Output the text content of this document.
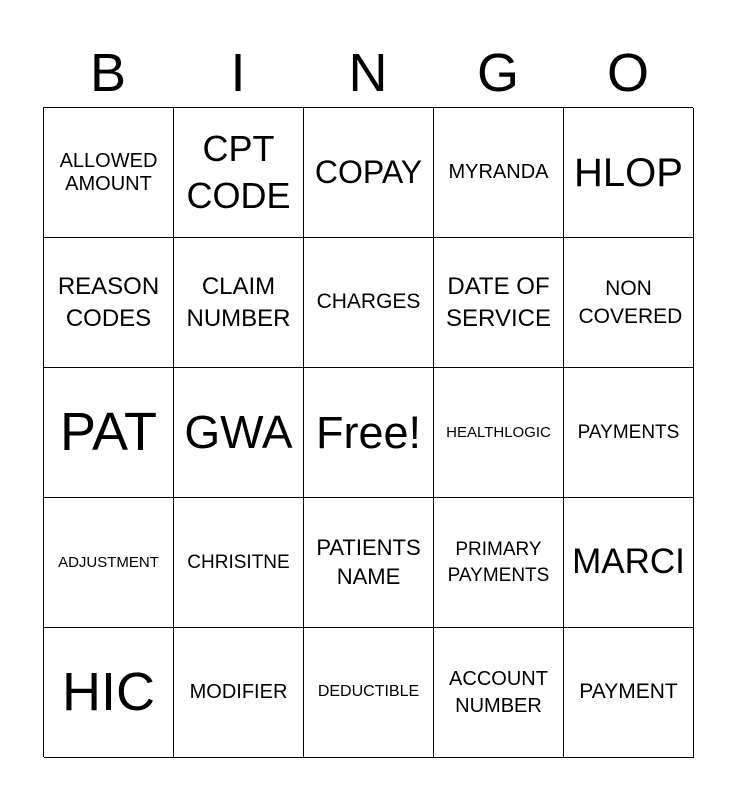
B	I	N	G	O
ALLOWED AMOUNT
CPT CODE
COPAY MYRANDA HLOP
REASON CODES
CLAIM NUMBER
CHARGES
DATE OF SERVICE
NON COVERED
PAT GWA Free! HEALTHLOGIC PAYMENTS
ADJUSTMENT CHRISITNE
PATIENTS NAME
PRIMARY PAYMENTS MARCI
HIC MODIFIER DEDUCTIBLE
ACCOUNT NUMBER
PAYMENT
